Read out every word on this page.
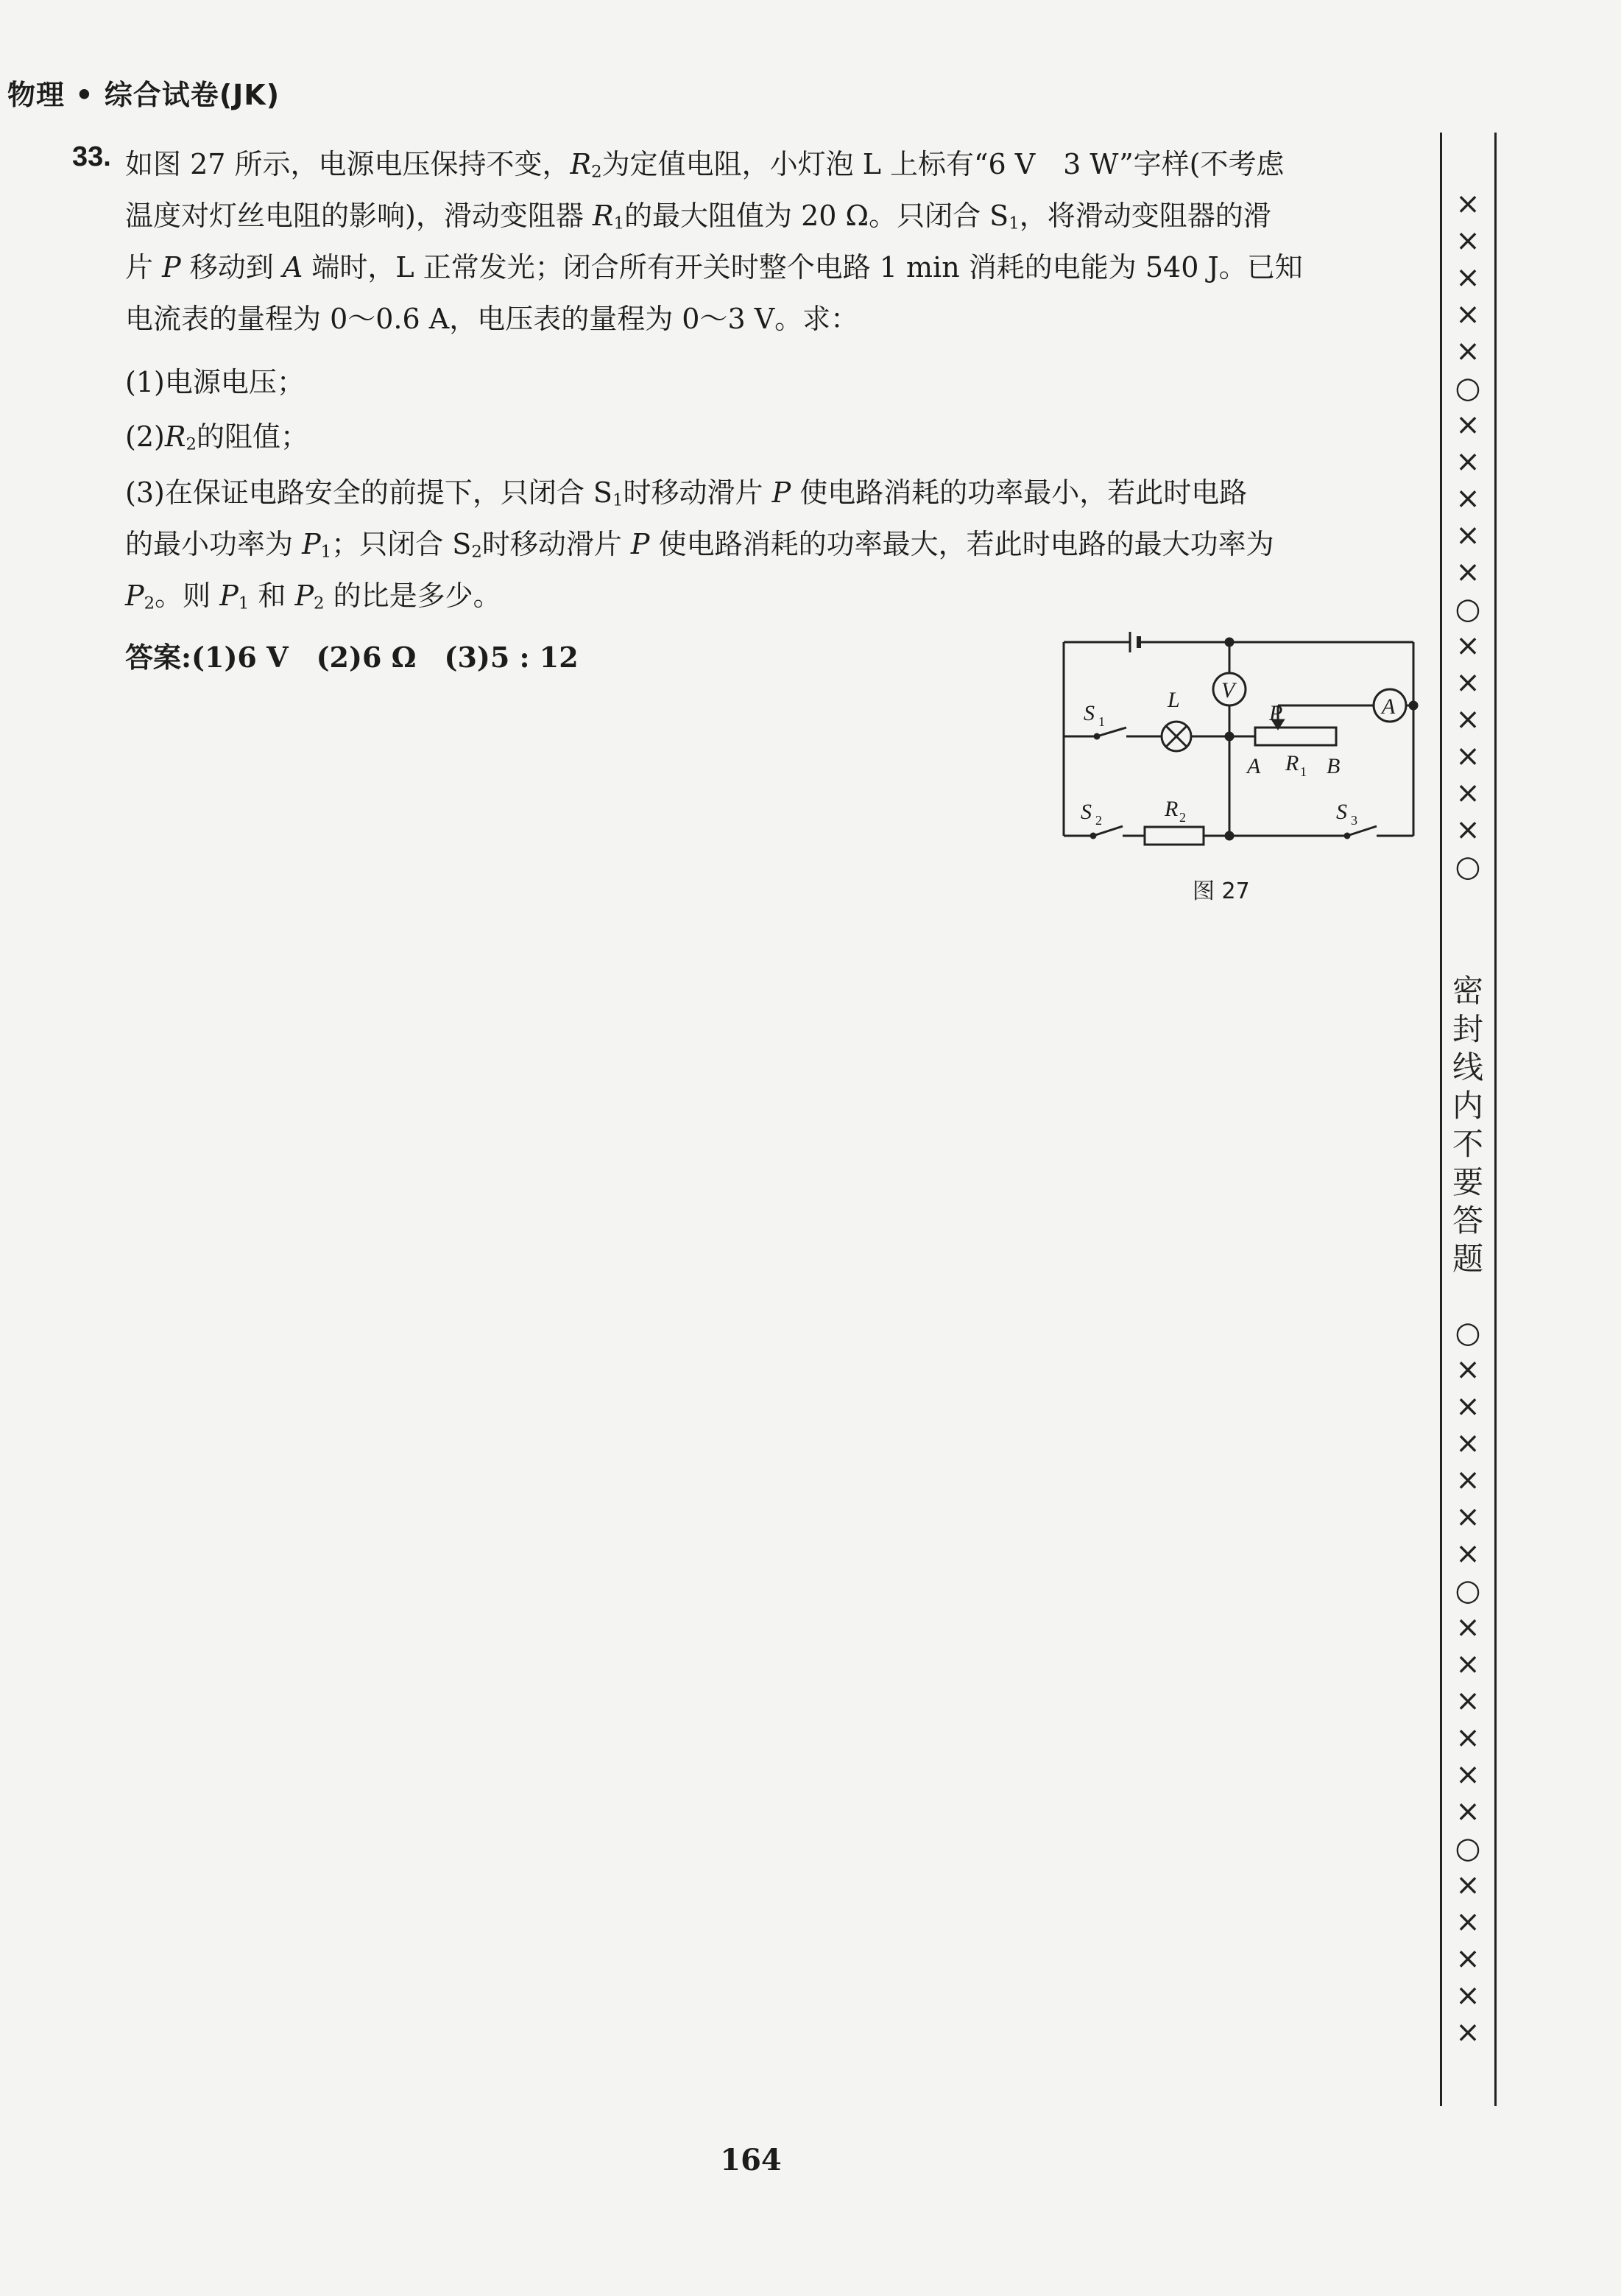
物理 • 综合试卷(JK)
33. 如图 27 所示，电源电压保持不变，$R_2$为定值电阻，小灯泡 L 上标有“6 V　3 W”字样(不考虑
温度对灯丝电阻的影响)，滑动变阻器 $R_1$的最大阻值为 20 Ω。只闭合 $S_1$，将滑动变阻器的滑
片 P 移动到 A 端时，L 正常发光；闭合所有开关时整个电路 1 min 消耗的电能为 540 J。已知
电流表的量程为 0～0.6 A，电压表的量程为 0～3 V。求：
(1)电源电压；
$(2)R_2$的阻值；
(3)在保证电路安全的前提下，只闭合 $S_1$时移动滑片 P 使电路消耗的功率最小，若此时电路
的最小功率为 $P_1$；只闭合 $S_2$时移动滑片 P 使电路消耗的功率最大，若此时电路的最大功率为
$P_2$。则 $P_1$ 和 $P_2$ 的比是多少。
答案:(1)6 V　(2)6 Ω　(3)5 : 12
S 1
L V
A
P
A R 1 B
S 2	R 2	S 3
图 27
×
×
×
×
×
○
×
×
×
×
×
○
×
×
×
×
×
×
○
密
封
线
内
不
要
答
题
○
×
×
×
×
×
×
○
×
×
×
×
×
×
○
×
×
×
×
×
164
